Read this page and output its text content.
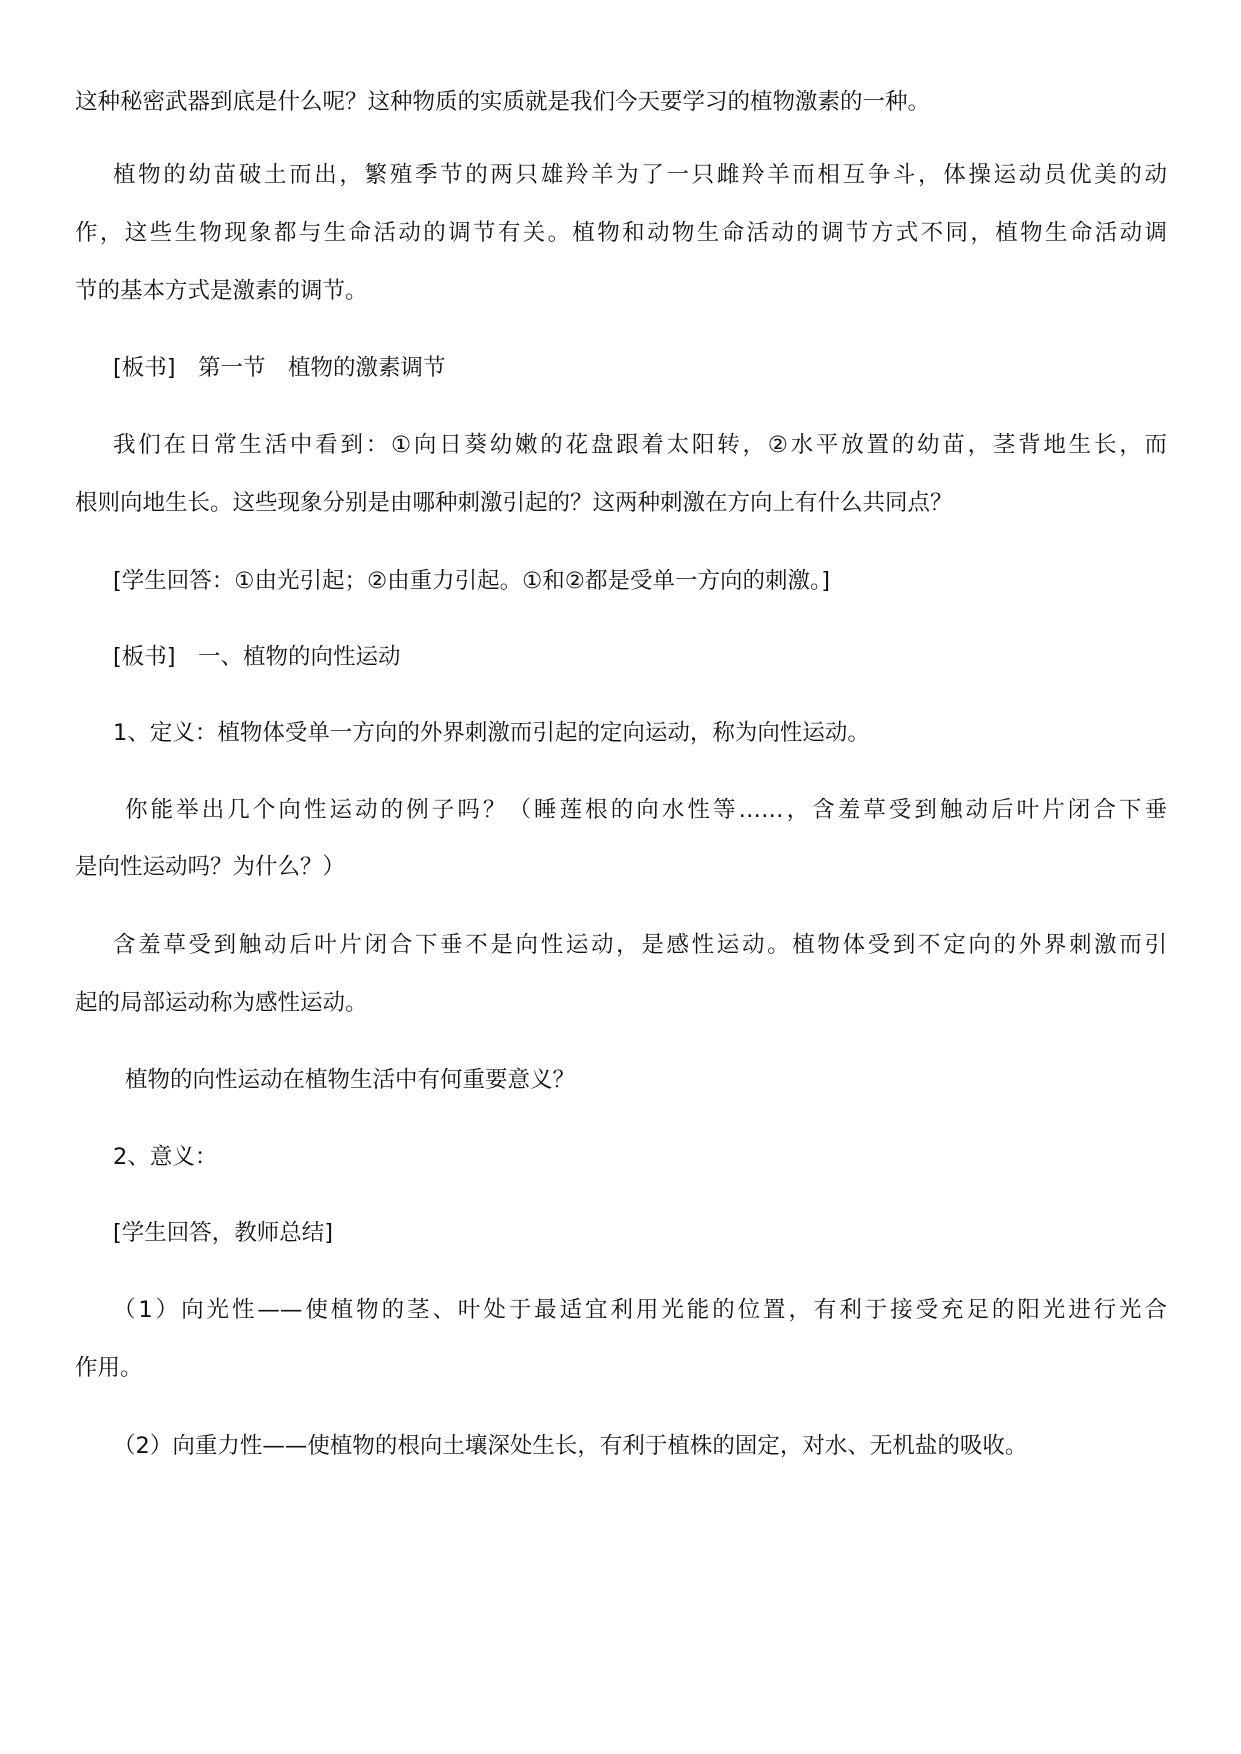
这种秘密武器到底是什么呢？这种物质的实质就是我们今天要学习的植物激素的一种。
植物的幼苗破土而出，繁殖季节的两只雄羚羊为了一只雌羚羊而相互争斗，体操运动员优美的动
作，这些生物现象都与生命活动的调节有关。植物和动物生命活动的调节方式不同，植物生命活动调
节的基本方式是激素的调节。
[板书]　第一节　植物的激素调节
我们在日常生活中看到：①向日葵幼嫩的花盘跟着太阳转，②水平放置的幼苗，茎背地生长，而
根则向地生长。这些现象分别是由哪种刺激引起的？这两种刺激在方向上有什么共同点？
[学生回答：①由光引起；②由重力引起。①和②都是受单一方向的刺激。]
[板书]　一、植物的向性运动
1、定义：植物体受单一方向的外界刺激而引起的定向运动，称为向性运动。
你能举出几个向性运动的例子吗？（睡莲根的向水性等……，含羞草受到触动后叶片闭合下垂
是向性运动吗？为什么？）
含羞草受到触动后叶片闭合下垂不是向性运动，是感性运动。植物体受到不定向的外界刺激而引
起的局部运动称为感性运动。
植物的向性运动在植物生活中有何重要意义？
2、意义：
[学生回答，教师总结]
（1）向光性——使植物的茎、叶处于最适宜利用光能的位置，有利于接受充足的阳光进行光合
作用。
（2）向重力性——使植物的根向土壤深处生长，有利于植株的固定，对水、无机盐的吸收。
